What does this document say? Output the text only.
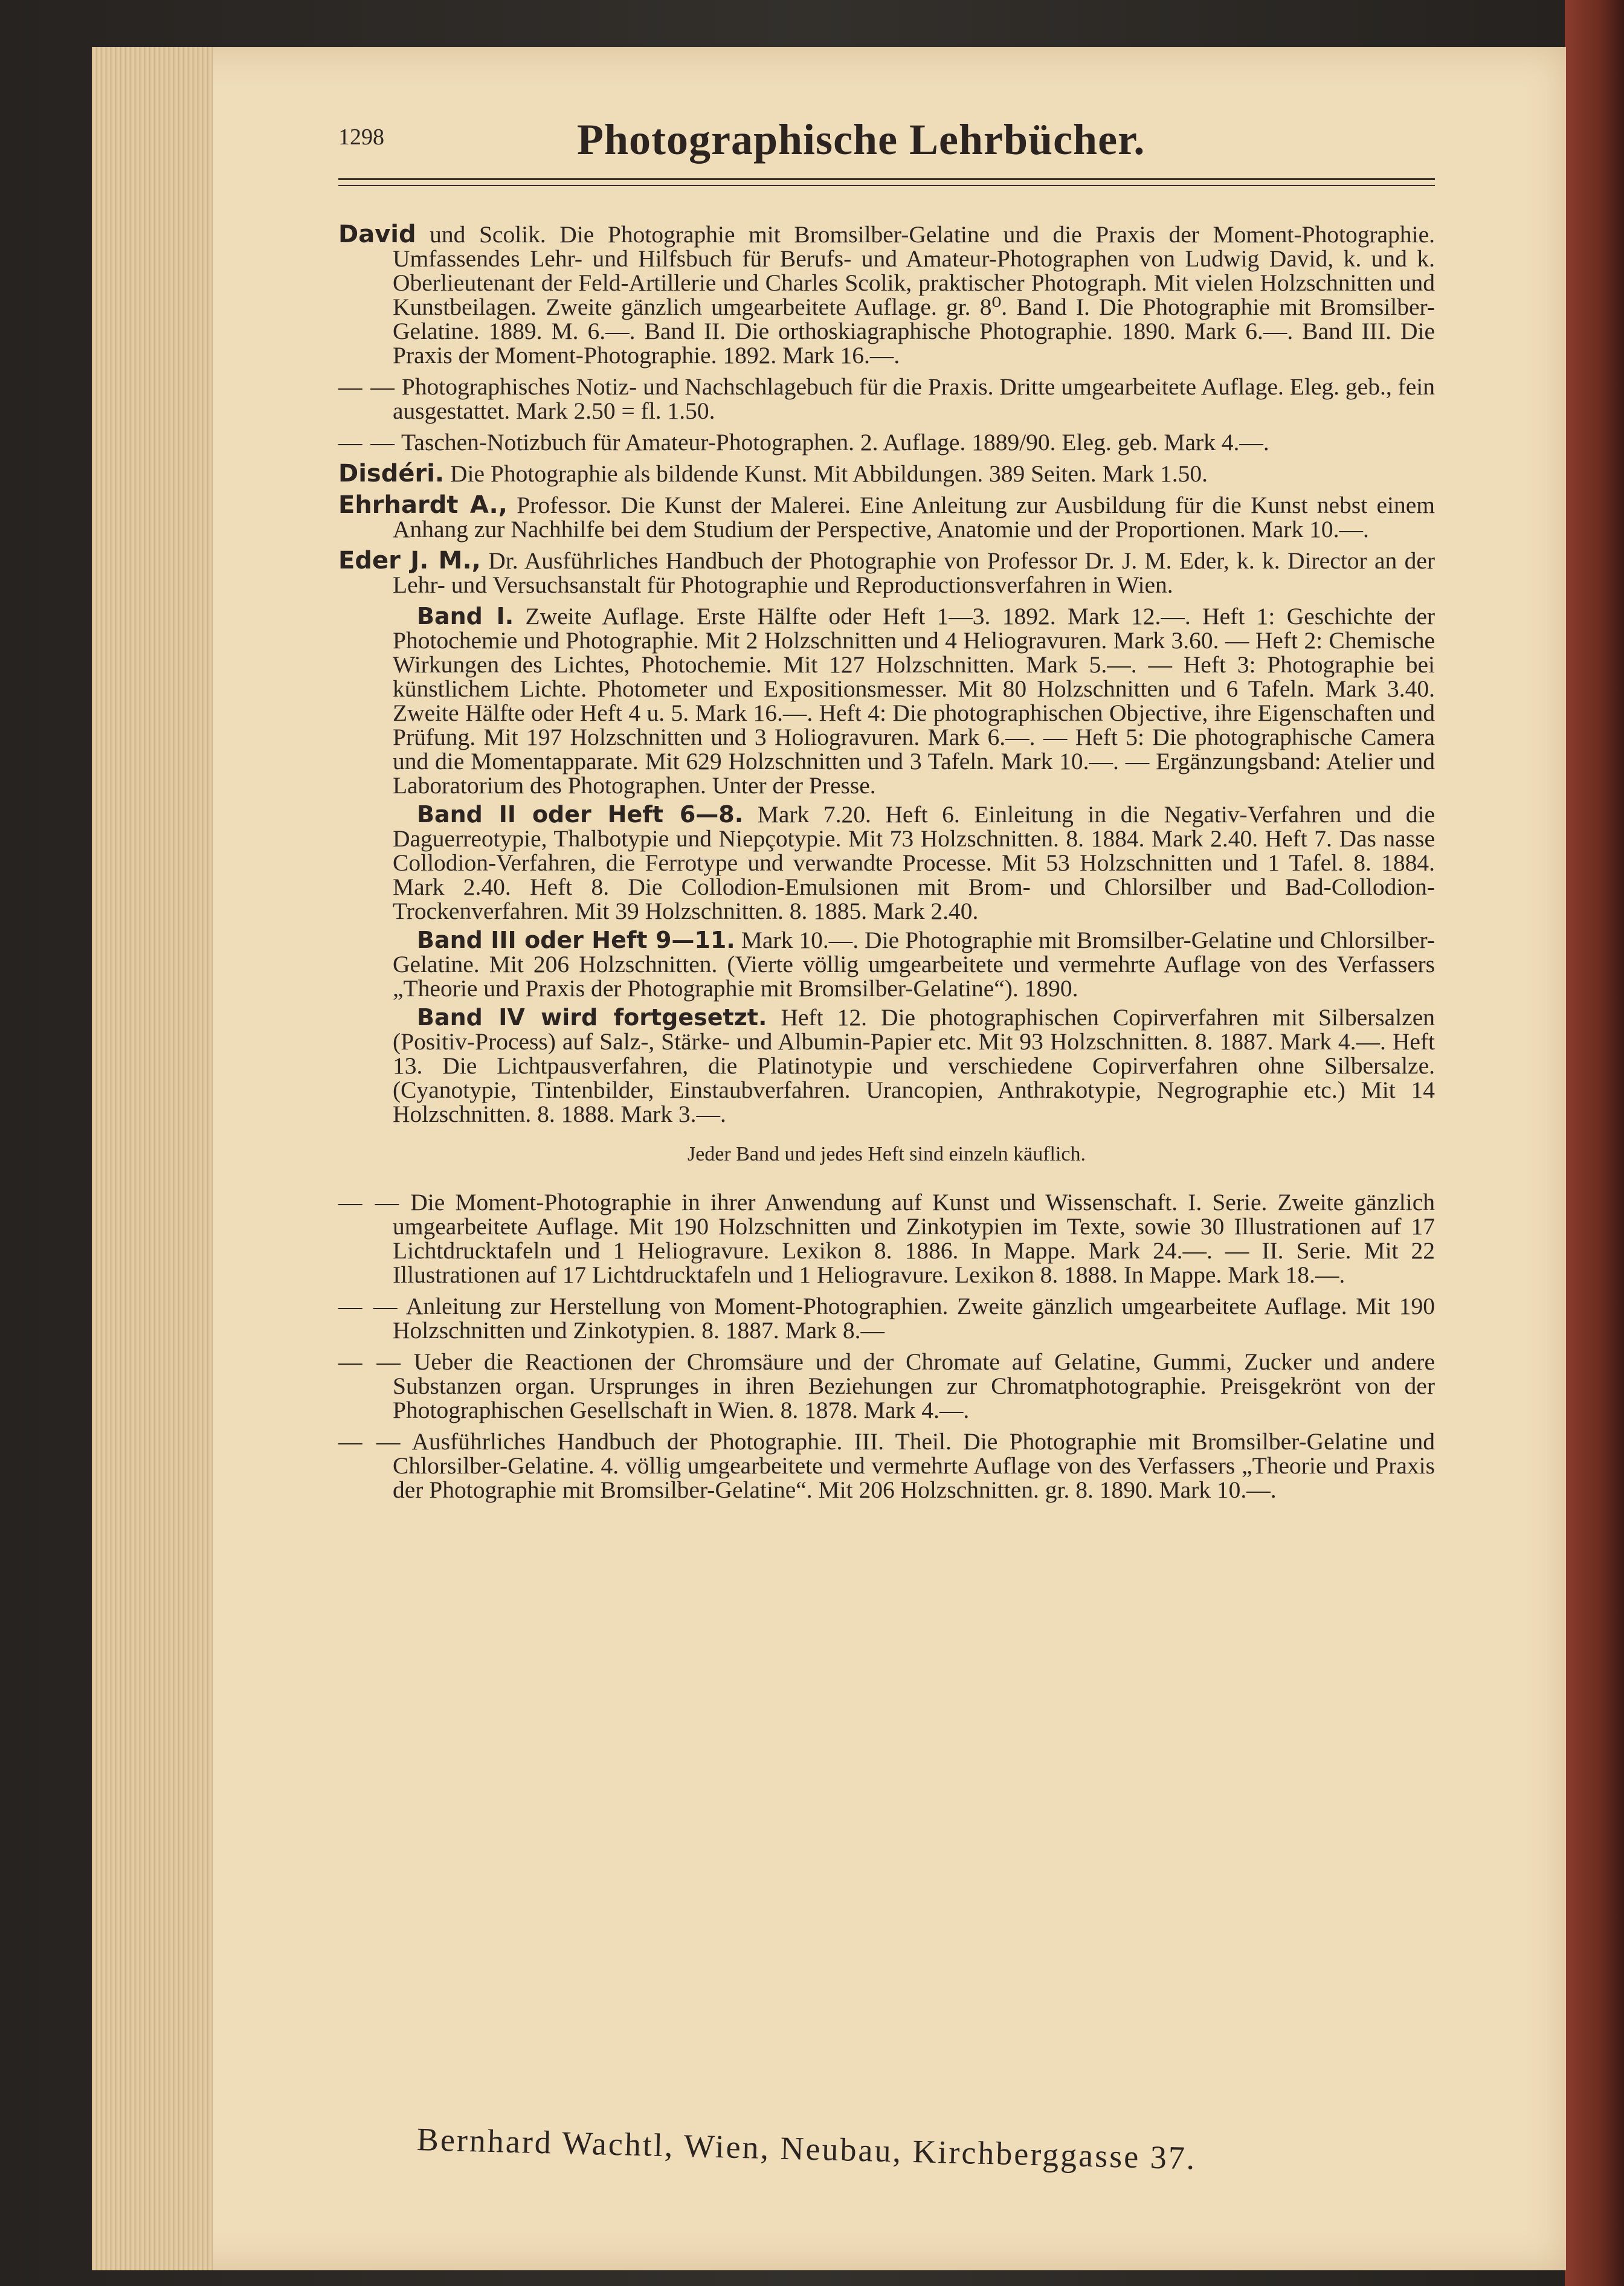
1298	Photographische Lehrbücher.
David und Scolik. Die Photographie mit Bromsilber-Gelatine und die Praxis der Moment-Photographie. Umfassendes Lehr- und Hilfsbuch für Berufs- und Amateur-Photographen von Ludwig David, k. und k. Oberlieutenant der Feld-Artillerie und Charles Scolik, praktischer Photograph. Mit vielen Holzschnitten und Kunstbeilagen. Zweite gänzlich umgearbeitete Auflage. gr. 8⁰. Band I. Die Photographie mit Bromsilber-Gelatine. 1889. M. 6.—. Band II. Die orthoskiagraphische Photographie. 1890. Mark 6.—. Band III. Die Praxis der Moment-Photographie. 1892. Mark 16.—.
— — Photographisches Notiz- und Nachschlagebuch für die Praxis. Dritte umgearbeitete Auflage. Eleg. geb., fein ausgestattet. Mark 2.50 = fl. 1.50.
— — Taschen-Notizbuch für Amateur-Photographen. 2. Auflage. 1889/90. Eleg. geb. Mark 4.—.
Disdéri. Die Photographie als bildende Kunst. Mit Abbildungen. 389 Seiten. Mark 1.50.
Ehrhardt A., Professor. Die Kunst der Malerei. Eine Anleitung zur Ausbildung für die Kunst nebst einem Anhang zur Nachhilfe bei dem Studium der Perspective, Anatomie und der Proportionen. Mark 10.—.
Eder J. M., Dr. Ausführliches Handbuch der Photographie von Professor Dr. J. M. Eder, k. k. Director an der Lehr- und Versuchsanstalt für Photographie und Reproductionsverfahren in Wien.
Band I. Zweite Auflage. Erste Hälfte oder Heft 1—3. 1892. Mark 12.—. Heft 1: Geschichte der Photochemie und Photographie. Mit 2 Holzschnitten und 4 Heliogravuren. Mark 3.60. — Heft 2: Chemische Wirkungen des Lichtes, Photochemie. Mit 127 Holzschnitten. Mark 5.—. — Heft 3: Photographie bei künstlichem Lichte. Photometer und Expositionsmesser. Mit 80 Holzschnitten und 6 Tafeln. Mark 3.40. Zweite Hälfte oder Heft 4 u. 5. Mark 16.—. Heft 4: Die photographischen Objective, ihre Eigenschaften und Prüfung. Mit 197 Holzschnitten und 3 Holiogravuren. Mark 6.—. — Heft 5: Die photographische Camera und die Momentapparate. Mit 629 Holzschnitten und 3 Tafeln. Mark 10.—. — Ergänzungsband: Atelier und Laboratorium des Photographen. Unter der Presse.
Band II oder Heft 6—8. Mark 7.20. Heft 6. Einleitung in die Negativ-Verfahren und die Daguerreotypie, Thalbotypie und Niepçotypie. Mit 73 Holzschnitten. 8. 1884. Mark 2.40. Heft 7. Das nasse Collodion-Verfahren, die Ferrotype und verwandte Processe. Mit 53 Holzschnitten und 1 Tafel. 8. 1884. Mark 2.40. Heft 8. Die Collodion-Emulsionen mit Brom- und Chlorsilber und Bad-Collodion-Trockenverfahren. Mit 39 Holzschnitten. 8. 1885. Mark 2.40.
Band III oder Heft 9—11. Mark 10.—. Die Photographie mit Bromsilber-Gelatine und Chlorsilber-Gelatine. Mit 206 Holzschnitten. (Vierte völlig umgearbeitete und vermehrte Auflage von des Verfassers „Theorie und Praxis der Photographie mit Bromsilber-Gelatine“). 1890.
Band IV wird fortgesetzt. Heft 12. Die photographischen Copirverfahren mit Silbersalzen (Positiv-Process) auf Salz-, Stärke- und Albumin-Papier etc. Mit 93 Holzschnitten. 8. 1887. Mark 4.—. Heft 13. Die Lichtpausverfahren, die Platinotypie und verschiedene Copirverfahren ohne Silbersalze. (Cyanotypie, Tintenbilder, Einstaubverfahren. Urancopien, Anthrakotypie, Negrographie etc.) Mit 14 Holzschnitten. 8. 1888. Mark 3.—.
Jeder Band und jedes Heft sind einzeln käuflich.
— — Die Moment-Photographie in ihrer Anwendung auf Kunst und Wissenschaft. I. Serie. Zweite gänzlich umgearbeitete Auflage. Mit 190 Holzschnitten und Zinkotypien im Texte, sowie 30 Illustrationen auf 17 Lichtdrucktafeln und 1 Heliogravure. Lexikon 8. 1886. In Mappe. Mark 24.—. — II. Serie. Mit 22 Illustrationen auf 17 Lichtdrucktafeln und 1 Heliogravure. Lexikon 8. 1888. In Mappe. Mark 18.—.
— — Anleitung zur Herstellung von Moment-Photographien. Zweite gänzlich umgearbeitete Auflage. Mit 190 Holzschnitten und Zinkotypien. 8. 1887. Mark 8.—
— — Ueber die Reactionen der Chromsäure und der Chromate auf Gelatine, Gummi, Zucker und andere Substanzen organ. Ursprunges in ihren Beziehungen zur Chromatphotographie. Preisgekrönt von der Photographischen Gesellschaft in Wien. 8. 1878. Mark 4.—.
— — Ausführliches Handbuch der Photographie. III. Theil. Die Photographie mit Bromsilber-Gelatine und Chlorsilber-Gelatine. 4. völlig umgearbeitete und vermehrte Auflage von des Verfassers „Theorie und Praxis der Photographie mit Bromsilber-Gelatine“. Mit 206 Holzschnitten. gr. 8. 1890. Mark 10.—.
Bernhard Wachtl, Wien, Neubau, Kirchberggasse 37.
